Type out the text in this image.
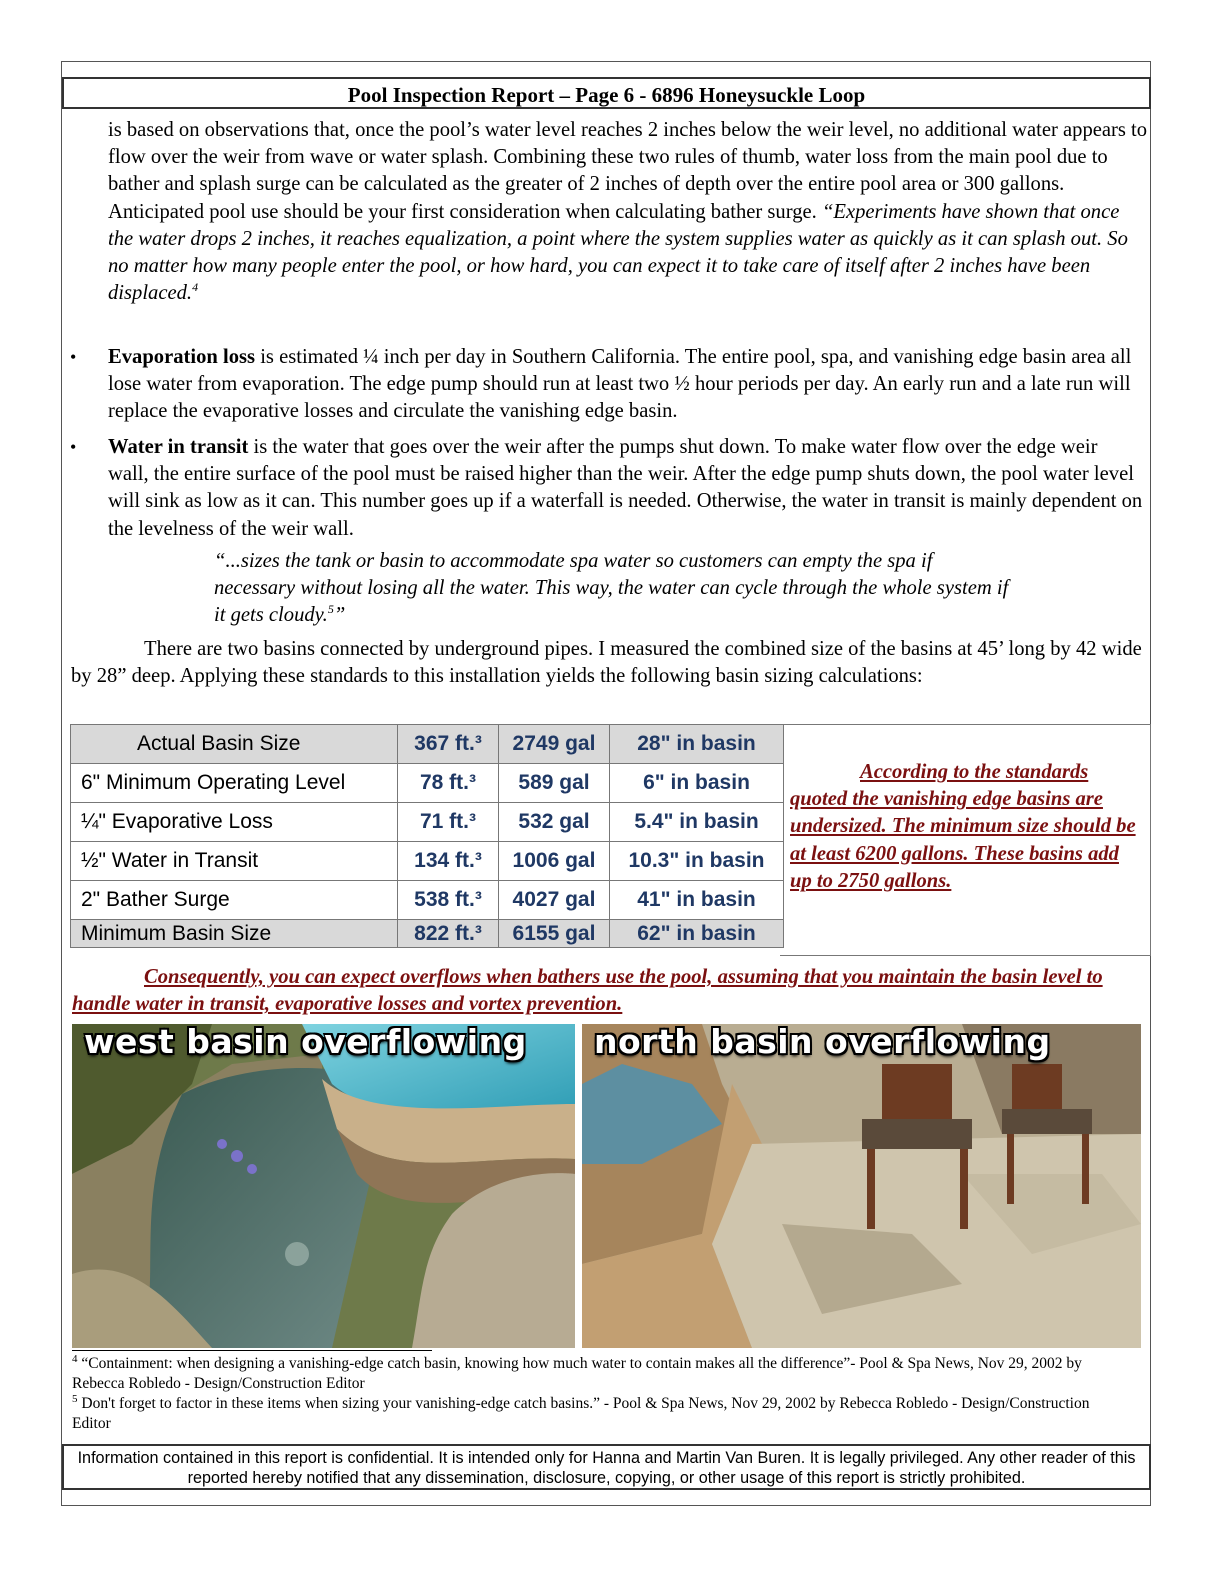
Pool Inspection Report – Page 6 - 6896 Honeysuckle Loop

is based on observations that, once the pool’s water level reaches 2 inches below the weir level, no additional water appears to flow over the weir from wave or water splash. Combining these two rules of thumb, water loss from the main pool due to bather and splash surge can be calculated as the greater of 2 inches of depth over the entire pool area or 300 gallons. Anticipated pool use should be your first consideration when calculating bather surge. “Experiments have shown that once the water drops 2 inches, it reaches equalization, a point where the system supplies water as quickly as it can splash out. So no matter how many people enter the pool, or how hard, you can expect it to take care of itself after 2 inches have been displaced.$^4$

• Evaporation loss is estimated ¼ inch per day in Southern California. The entire pool, spa, and vanishing edge basin area all lose water from evaporation. The edge pump should run at least two ½ hour periods per day. An early run and a late run will replace the evaporative losses and circulate the vanishing edge basin.

• Water in transit is the water that goes over the weir after the pumps shut down. To make water flow over the edge weir wall, the entire surface of the pool must be raised higher than the weir. After the edge pump shuts down, the pool water level will sink as low as it can. This number goes up if a waterfall is needed. Otherwise, the water in transit is mainly dependent on the levelness of the weir wall.

“...sizes the tank or basin to accommodate spa water so customers can empty the spa if necessary without losing all the water. This way, the water can cycle through the whole system if it gets cloudy.$^5$”

There are two basins connected by underground pipes. I measured the combined size of the basins at 45’ long by 42 wide by 28” deep. Applying these standards to this installation yields the following basin sizing calculations:

Actual Basin Size	367 ft.³	2749 gal	28" in basin
6" Minimum Operating Level	78 ft.³	589 gal	6" in basin
¼" Evaporative Loss	71 ft.³	532 gal	5.4" in basin
½" Water in Transit	134 ft.³	1006 gal	10.3" in basin
2" Bather Surge	538 ft.³	4027 gal	41" in basin
Minimum Basin Size	822 ft.³	6155 gal	62" in basin
According to the standards quoted the vanishing edge basins are undersized. The minimum size should be at least 6200 gallons. These basins add up to 2750 gallons.
Consequently, you can expect overflows when bathers use the pool, assuming that you maintain the basin level to handle water in transit, evaporative losses and vortex prevention.
west basin overflowing north basin overflowing
$^4$ “Containment: when designing a vanishing-edge catch basin, knowing how much water to contain makes all the difference”- Pool & Spa News, Nov 29, 2002 by Rebecca Robledo - Design/Construction Editor
$^5$ Don't forget to factor in these items when sizing your vanishing-edge catch basins.” - Pool & Spa News, Nov 29, 2002 by Rebecca Robledo - Design/Construction Editor
Information contained in this report is confidential. It is intended only for Hanna and Martin Van Buren. It is legally privileged. Any other reader of this reported hereby notified that any dissemination, disclosure, copying, or other usage of this report is strictly prohibited.
